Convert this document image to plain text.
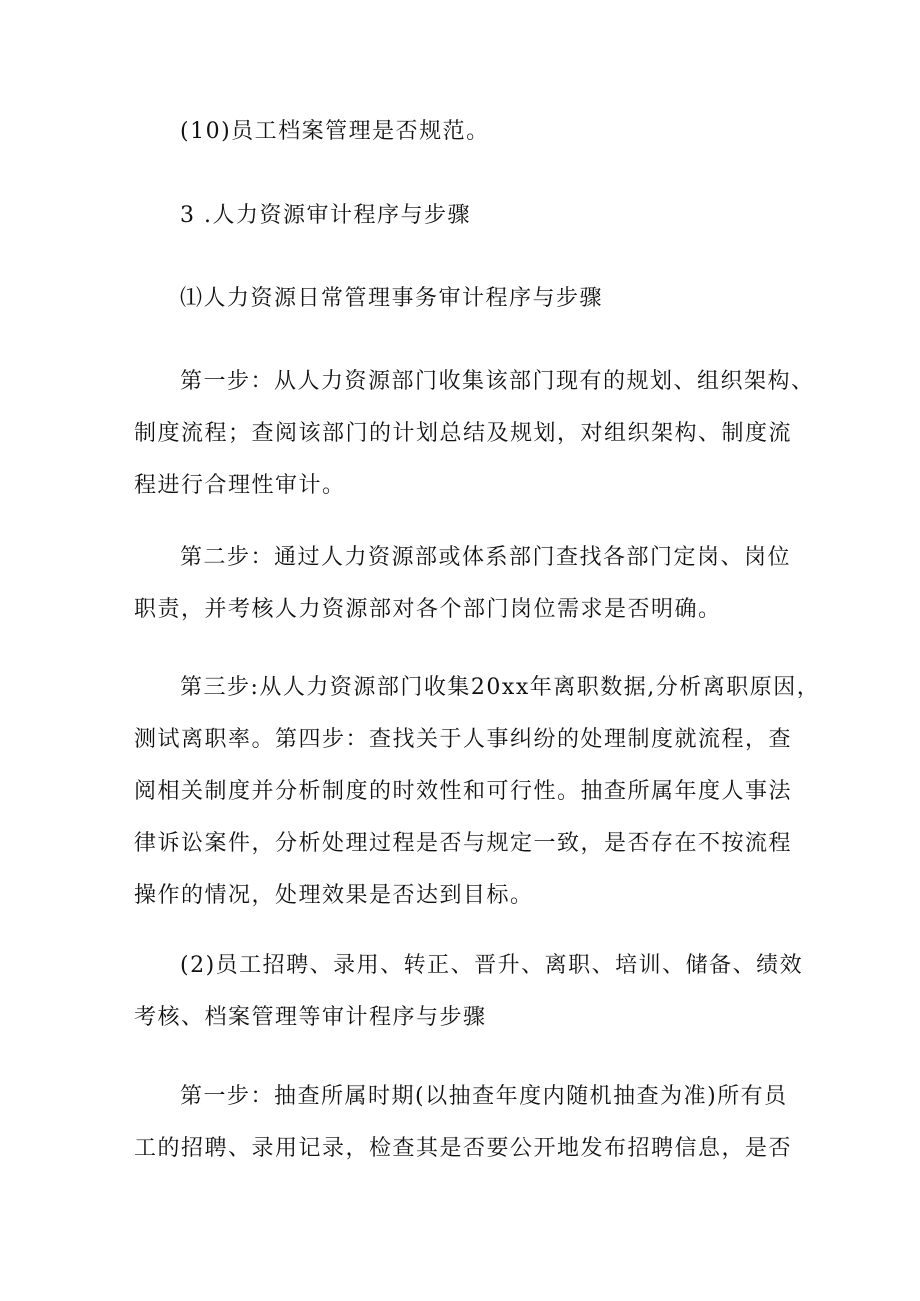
(10)员工档案管理是否规范。
3 .人力资源审计程序与步骤
⑴人力资源日常管理事务审计程序与步骤
第一步：从人力资源部门收集该部门现有的规划、组织架构、
制度流程；查阅该部门的计划总结及规划，对组织架构、制度流
程进行合理性审计。
第二步：通过人力资源部或体系部门查找各部门定岗、岗位
职责，并考核人力资源部对各个部门岗位需求是否明确。
第三步:从人力资源部门收集20xx年离职数据,分析离职原因，
测试离职率。第四步：查找关于人事纠纷的处理制度就流程，查
阅相关制度并分析制度的时效性和可行性。抽查所属年度人事法
律诉讼案件，分析处理过程是否与规定一致，是否存在不按流程
操作的情况，处理效果是否达到目标。
(2)员工招聘、录用、转正、晋升、离职、培训、储备、绩效
考核、档案管理等审计程序与步骤
第一步：抽查所属时期(以抽查年度内随机抽查为准)所有员
工的招聘、录用记录，检查其是否要公开地发布招聘信息，是否
